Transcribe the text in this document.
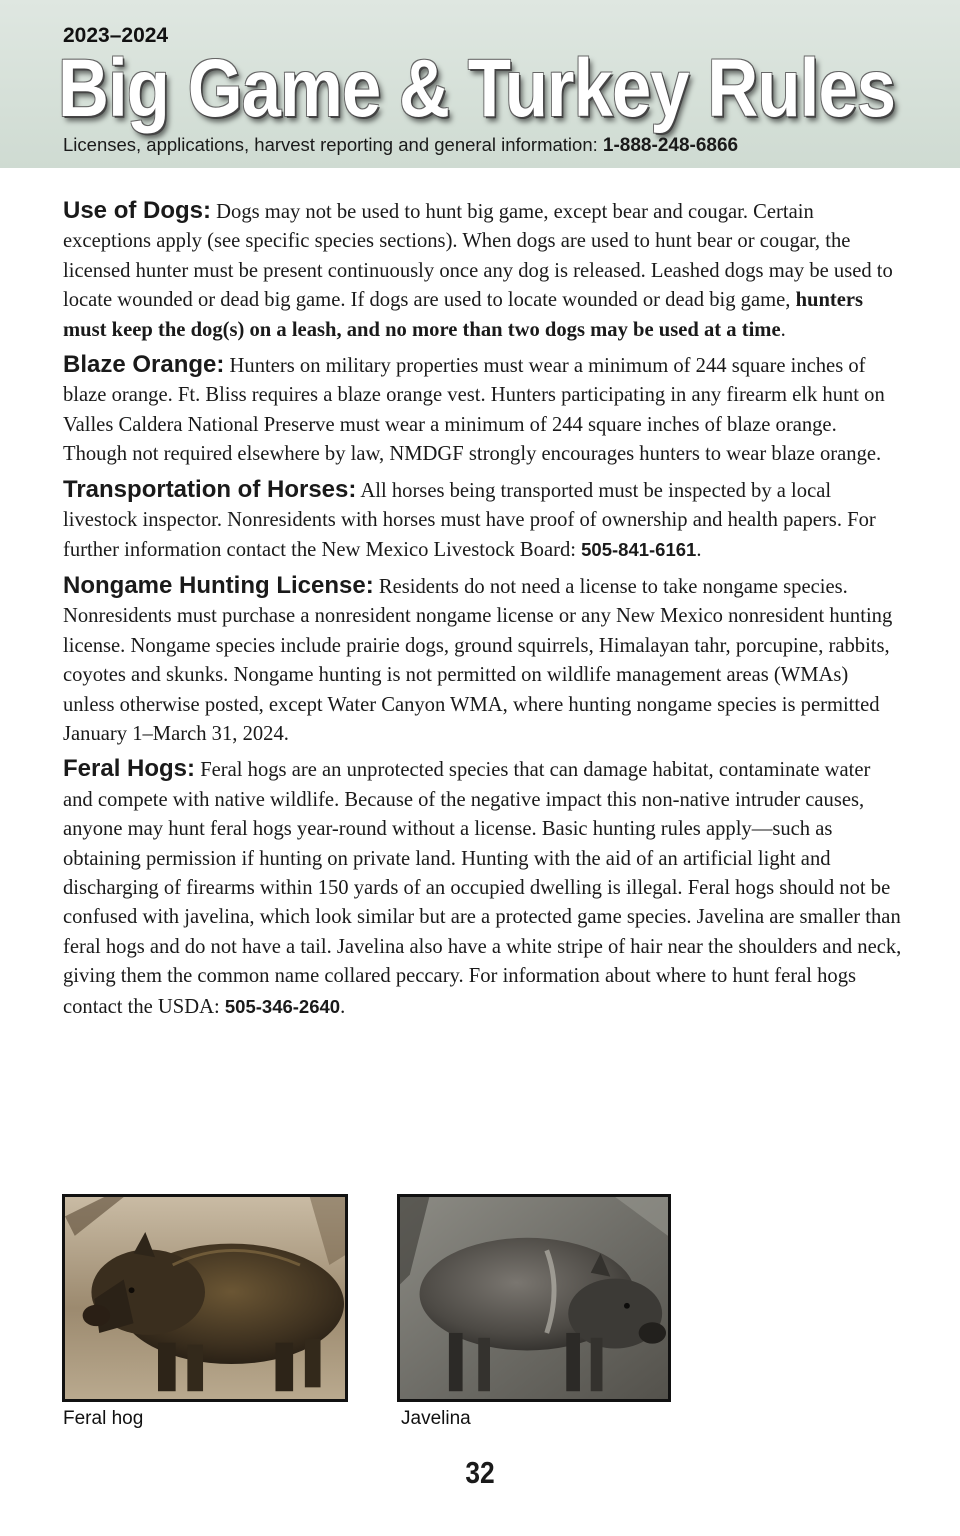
2023–2024
Big Game & Turkey Rules
Licenses, applications, harvest reporting and general information: 1-888-248-6866

Use of Dogs: Dogs may not be used to hunt big game, except bear and cougar. Certain exceptions apply (see specific species sections). When dogs are used to hunt bear or cougar, the licensed hunter must be present continuously once any dog is released. Leashed dogs may be used to locate wounded or dead big game. If dogs are used to locate wounded or dead big game, hunters must keep the dog(s) on a leash, and no more than two dogs may be used at a time.

Blaze Orange: Hunters on military properties must wear a minimum of 244 square inches of blaze orange. Ft. Bliss requires a blaze orange vest. Hunters participating in any firearm elk hunt on Valles Caldera National Preserve must wear a minimum of 244 square inches of blaze orange. Though not required elsewhere by law, NMDGF strongly encourages hunters to wear blaze orange.

Transportation of Horses: All horses being transported must be inspected by a local livestock inspector. Nonresidents with horses must have proof of ownership and health papers. For further information contact the New Mexico Livestock Board: 505-841-6161.

Nongame Hunting License: Residents do not need a license to take nongame species. Nonresidents must purchase a nonresident nongame license or any New Mexico nonresident hunting license. Nongame species include prairie dogs, ground squirrels, Himalayan tahr, porcupine, rabbits, coyotes and skunks. Nongame hunting is not permitted on wildlife management areas (WMAs) unless otherwise posted, except Water Canyon WMA, where hunting nongame species is permitted January 1–March 31, 2024.

Feral Hogs: Feral hogs are an unprotected species that can damage habitat, contaminate water and compete with native wildlife. Because of the negative impact this non-native intruder causes, anyone may hunt feral hogs year-round without a license. Basic hunting rules apply—such as obtaining permission if hunting on private land. Hunting with the aid of an artificial light and discharging of firearms within 150 yards of an occupied dwelling is illegal. Feral hogs should not be confused with javelina, which look similar but are a protected game species. Javelina are smaller than feral hogs and do not have a tail. Javelina also have a white stripe of hair near the shoulders and neck, giving them the common name collared peccary. For information about where to hunt feral hogs contact the USDA: 505-346-2640.

Feral hog	Javelina
32
